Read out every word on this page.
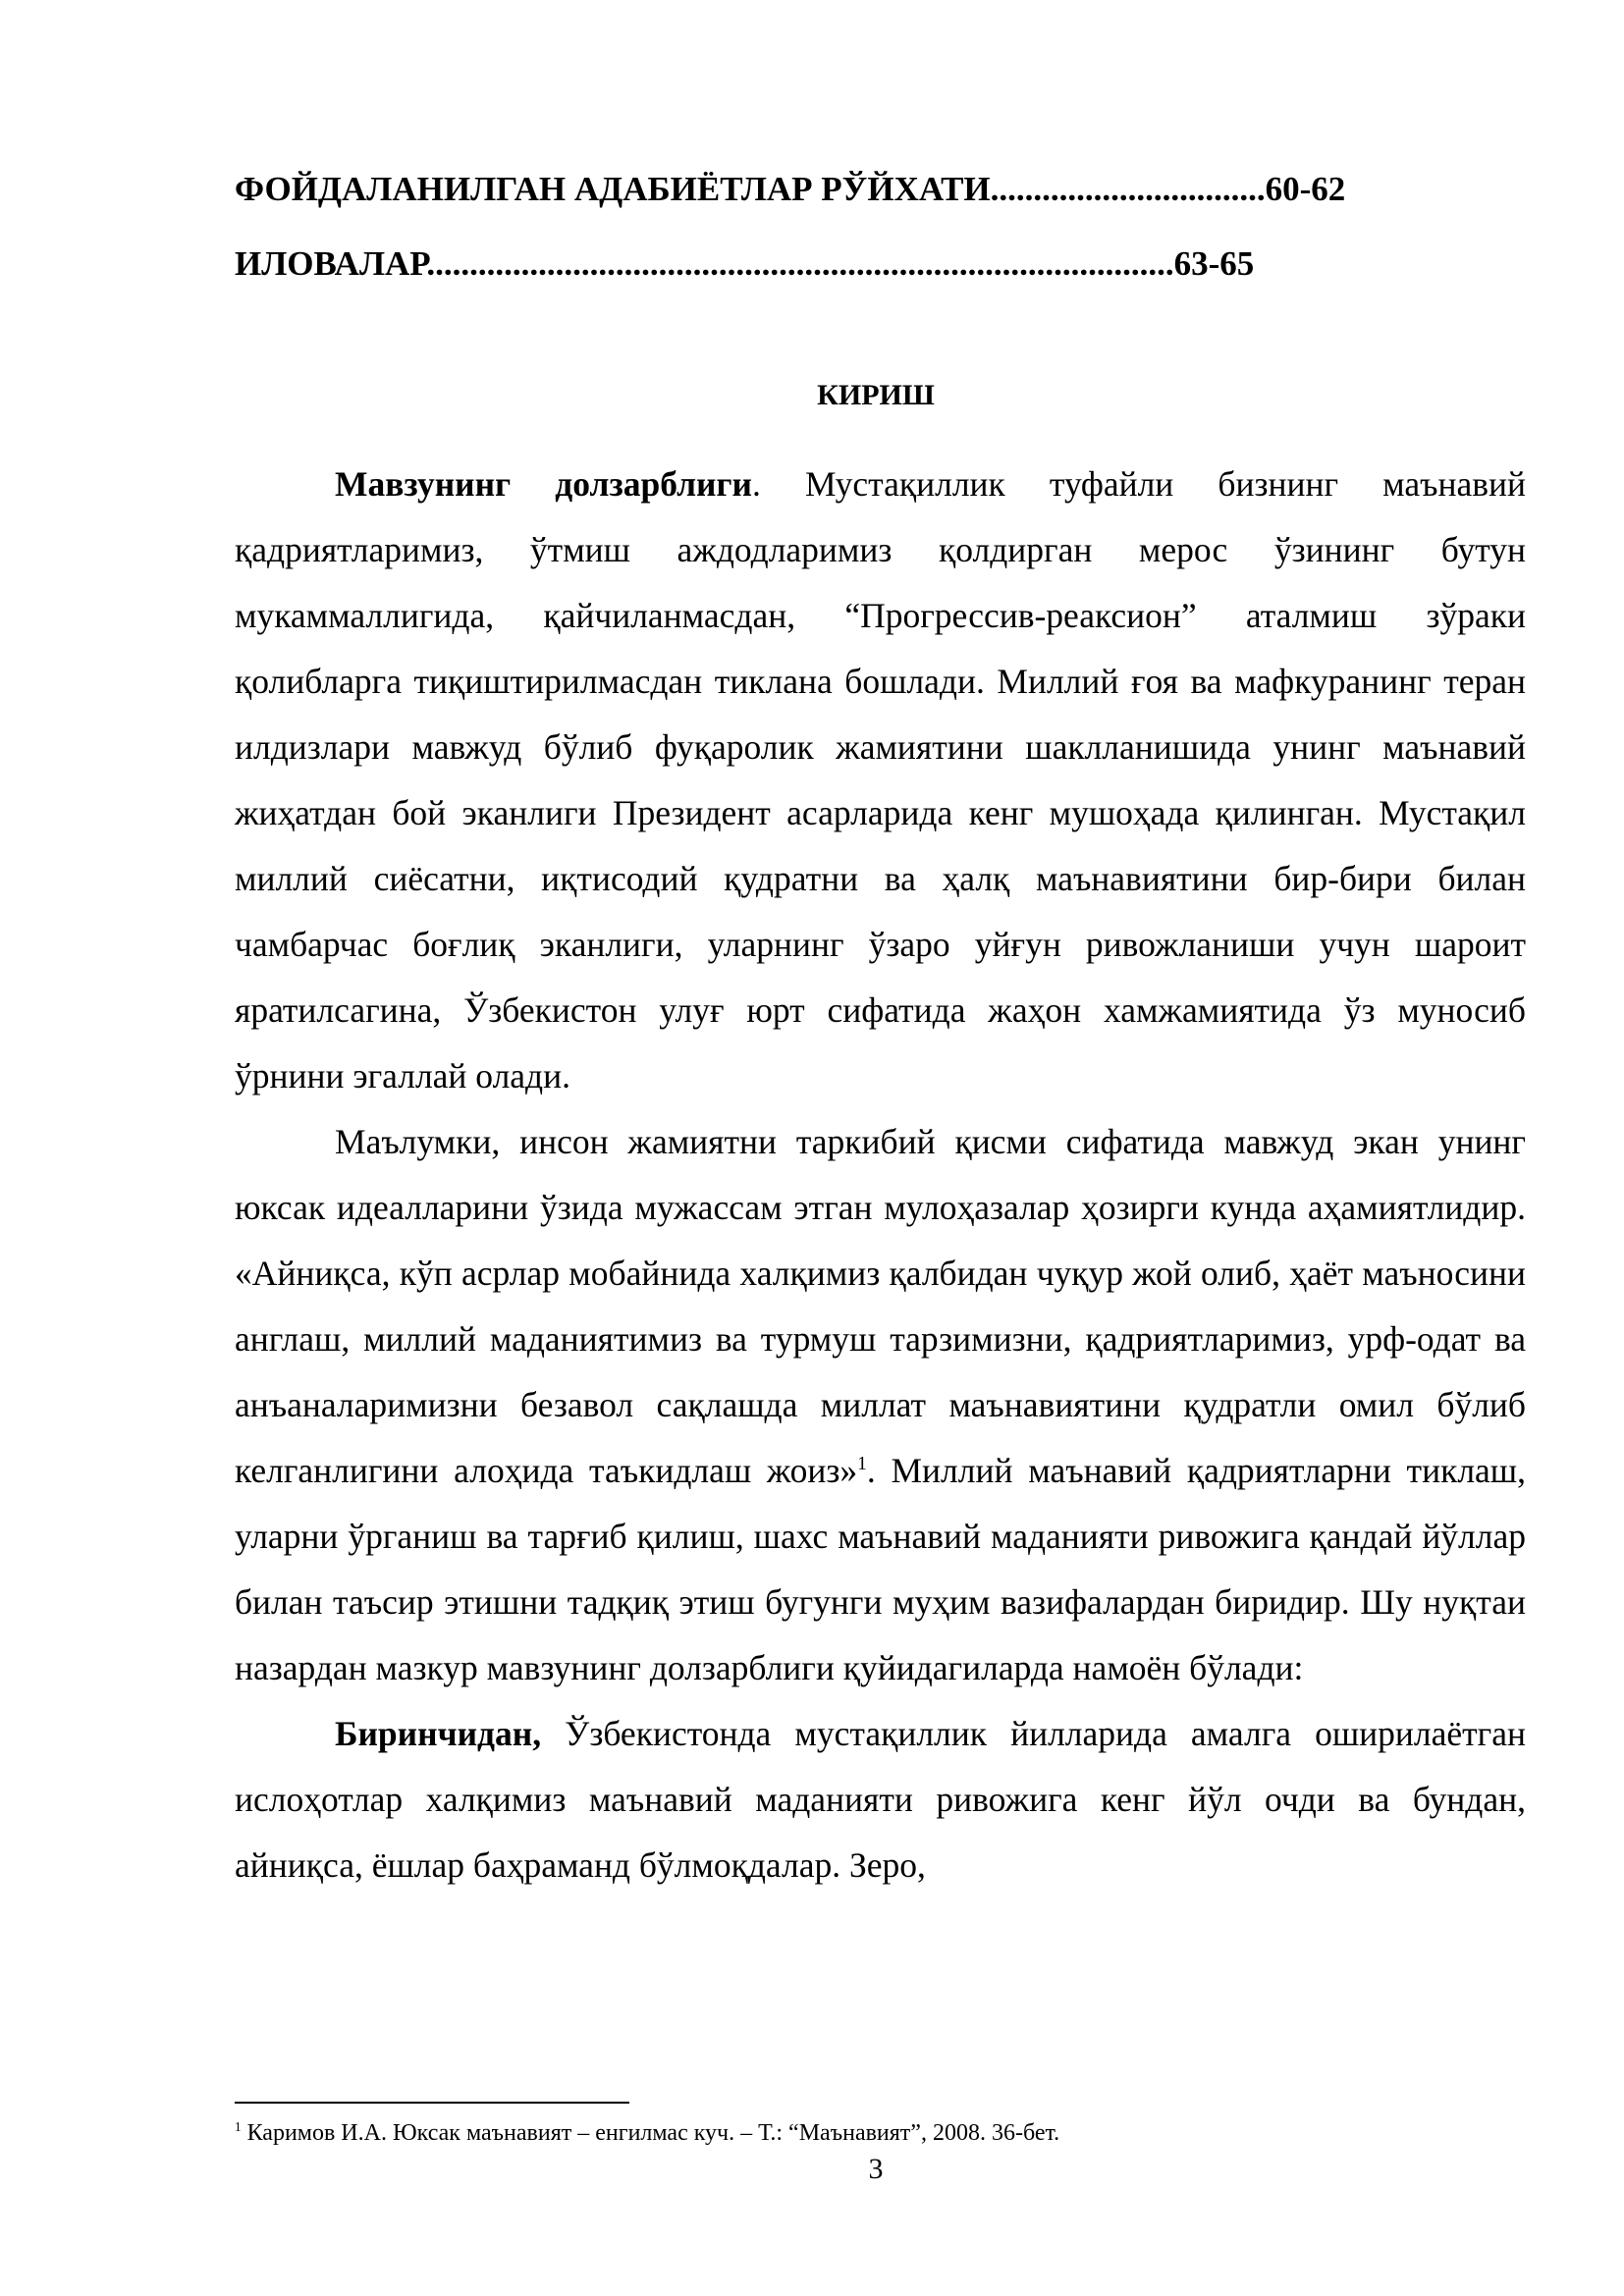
ФОЙДАЛАНИЛГАН АДАБИЁТЛАР РЎЙХАТИ................................60-62
ИЛОВАЛАР.......................................................................................63-65
КИРИШ

Мавзунинг долзарблиги. Мустақиллик туфайли бизнинг маънавий қадриятларимиз, ўтмиш аждодларимиз қолдирган мерос ўзининг бутун мукаммаллигида, қайчиланмасдан, “Прогрессив-реаксион” аталмиш зўраки қолибларга тиқиштирилмасдан тиклана бошлади. Миллий ғоя ва мафкуранинг теран илдизлари мавжуд бўлиб фуқаролик жамиятини шаклланишида унинг маънавий жиҳатдан бой эканлиги Президент асарларида кенг мушоҳада қилинган. Мустақил миллий сиёсатни, иқтисодий қудратни ва ҳалқ маънавиятини бир-бири билан чамбарчас боғлиқ эканлиги, уларнинг ўзаро уйғун ривожланиши учун шароит яратилсагина, Ўзбекистон улуғ юрт сифатида жаҳон хамжамиятида ўз муносиб ўрнини эгаллай олади.

Маълумки, инсон жамиятни таркибий қисми сифатида мавжуд экан унинг юксак идеалларини ўзида мужассам этган мулоҳазалар ҳозирги кунда аҳамиятлидир. «Айниқса, кўп асрлар мобайнида халқимиз қалбидан чуқур жой олиб, ҳаёт маъносини англаш, миллий маданиятимиз ва турмуш тарзимизни, қадриятларимиз, урф-одат ва анъаналаримизни безавол сақлашда миллат маънавиятини қудратли омил бўлиб келганлигини алоҳида таъкидлаш жоиз»$^1$. Миллий маънавий қадриятларни тиклаш, уларни ўрганиш ва тарғиб қилиш, шахс маънавий маданияти ривожига қандай йўллар билан таъсир этишни тадқиқ этиш бугунги муҳим вазифалардан биридир. Шу нуқтаи назардан мазкур мавзунинг долзарблиги қуйидагиларда намоён бўлади:

Биринчидан, Ўзбекистонда мустақиллик йилларида амалга оширилаётган ислоҳотлар халқимиз маънавий маданияти ривожига кенг йўл очди ва бундан, айниқса, ёшлар баҳраманд бўлмоқдалар. Зеро,

$^1$ Каримов И.А. Юксак маънавият – енгилмас куч. – Т.: “Маънавият”, 2008. 36-бет.
3
